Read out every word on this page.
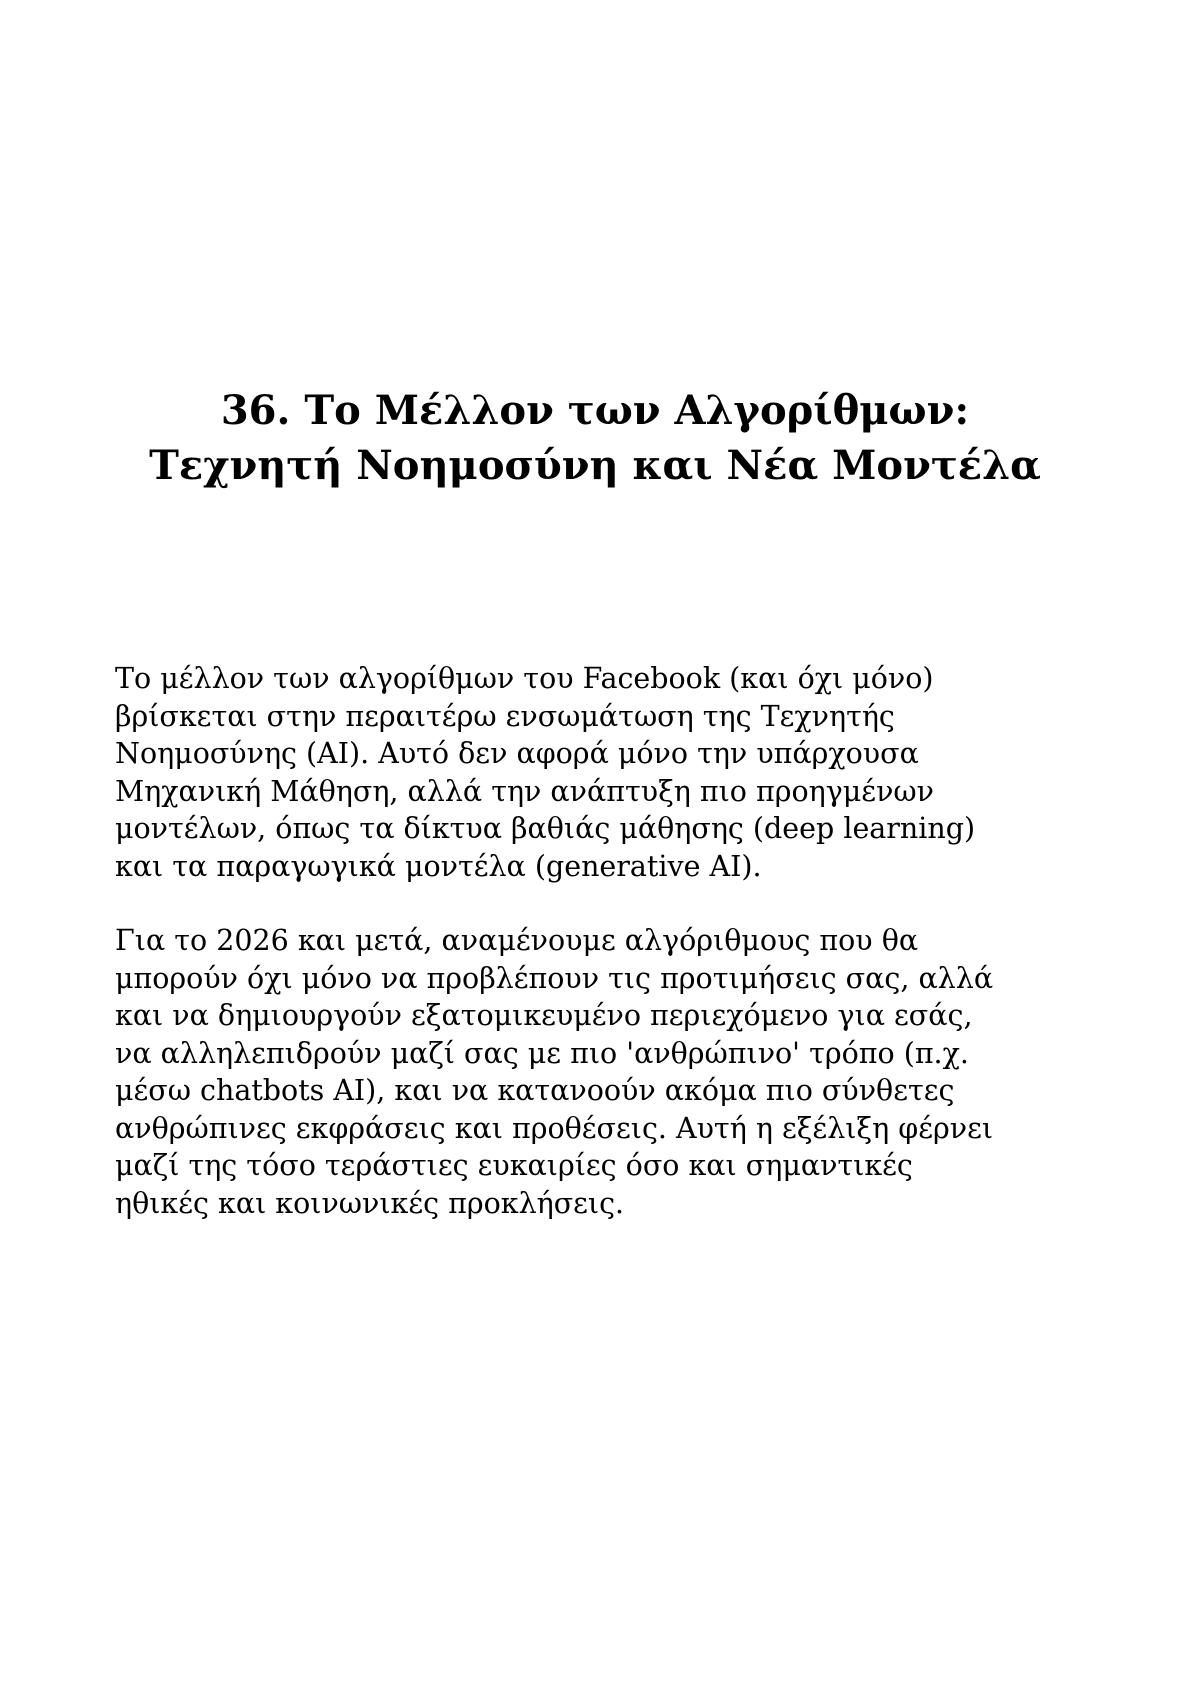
36. Το Μέλλον των Αλγορίθμων:
Τεχνητή Νοημοσύνη και Νέα Μοντέλα

Το μέλλον των αλγορίθμων του Facebook (και όχι μόνο)
βρίσκεται στην περαιτέρω ενσωμάτωση της Τεχνητής
Νοημοσύνης (AI). Αυτό δεν αφορά μόνο την υπάρχουσα
Μηχανική Μάθηση, αλλά την ανάπτυξη πιο προηγμένων
μοντέλων, όπως τα δίκτυα βαθιάς μάθησης (deep learning)
και τα παραγωγικά μοντέλα (generative AI).

Για το 2026 και μετά, αναμένουμε αλγόριθμους που θα
μπορούν όχι μόνο να προβλέπουν τις προτιμήσεις σας, αλλά
και να δημιουργούν εξατομικευμένο περιεχόμενο για εσάς,
να αλληλεπιδρούν μαζί σας με πιο 'ανθρώπινο' τρόπο (π.χ.
μέσω chatbots AI), και να κατανοούν ακόμα πιο σύνθετες
ανθρώπινες εκφράσεις και προθέσεις. Αυτή η εξέλιξη φέρνει
μαζί της τόσο τεράστιες ευκαιρίες όσο και σημαντικές
ηθικές και κοινωνικές προκλήσεις.
